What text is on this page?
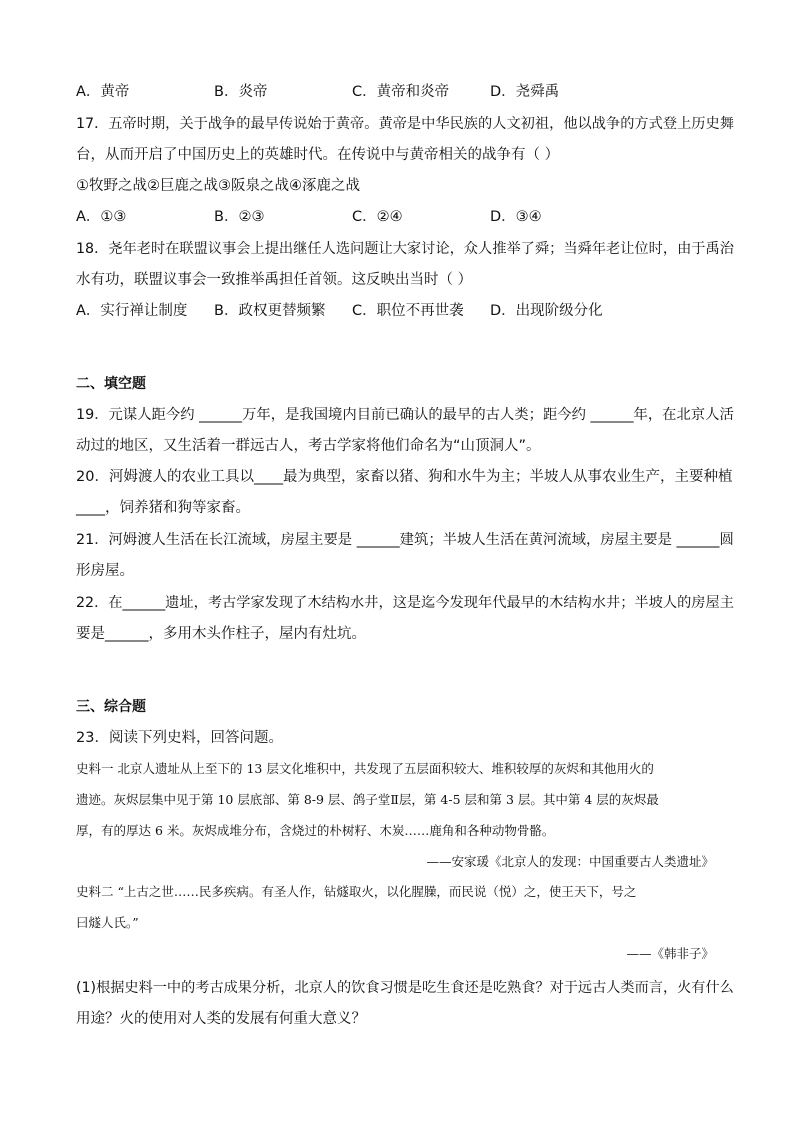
A．黄帝	B．炎帝	C．黄帝和炎帝	D．尧舜禹
17．五帝时期，关于战争的最早传说始于黄帝。黄帝是中华民族的人文初祖，他以战争的方式登上历史舞
台，从而开启了中国历史上的英雄时代。在传说中与黄帝相关的战争有（ ）
①牧野之战②巨鹿之战③阪泉之战④涿鹿之战
A．①③	B．②③	C．②④	D．③④
18．尧年老时在联盟议事会上提出继任人选问题让大家讨论，众人推举了舜；当舜年老让位时，由于禹治
水有功，联盟议事会一致推举禹担任首领。这反映出当时（ ）
A．实行禅让制度 B．政权更替频繁 C．职位不再世袭 D．出现阶级分化
二、填空题
19．元谋人距今约 ______万年，是我国境内目前已确认的最早的古人类；距今约 ______年，在北京人活
动过的地区，又生活着一群远古人，考古学家将他们命名为“山顶洞人”。
20．河姆渡人的农业工具以____最为典型，家畜以猪、狗和水牛为主；半坡人从事农业生产，主要种植
____，饲养猪和狗等家畜。
21．河姆渡人生活在长江流域，房屋主要是 ______建筑；半坡人生活在黄河流域，房屋主要是 ______圆
形房屋。
22．在______遗址，考古学家发现了木结构水井，这是迄今发现年代最早的木结构水井；半坡人的房屋主
要是______，多用木头作柱子，屋内有灶坑。
三、综合题
23．阅读下列史料，回答问题。
史料一 北京人遗址从上至下的 13 层文化堆积中，共发现了五层面积较大、堆积较厚的灰烬和其他用火的
遗迹。灰烬层集中见于第 10 层底部、第 8-9 层、鸽子堂Ⅱ层，第 4-5 层和第 3 层。其中第 4 层的灰烬最
厚，有的厚达 6 米。灰烬成堆分布，含烧过的朴树籽、木炭……鹿角和各种动物骨骼。
——安家瑗《北京人的发现：中国重要古人类遗址》
史料二 “上古之世……民多疾病。有圣人作，钻燧取火，以化腥臊，而民说（悦）之，使王天下，号之
曰燧人氏。”
——《韩非子》
(1)根据史料一中的考古成果分析，北京人的饮食习惯是吃生食还是吃熟食？对于远古人类而言，火有什么
用途？火的使用对人类的发展有何重大意义？
